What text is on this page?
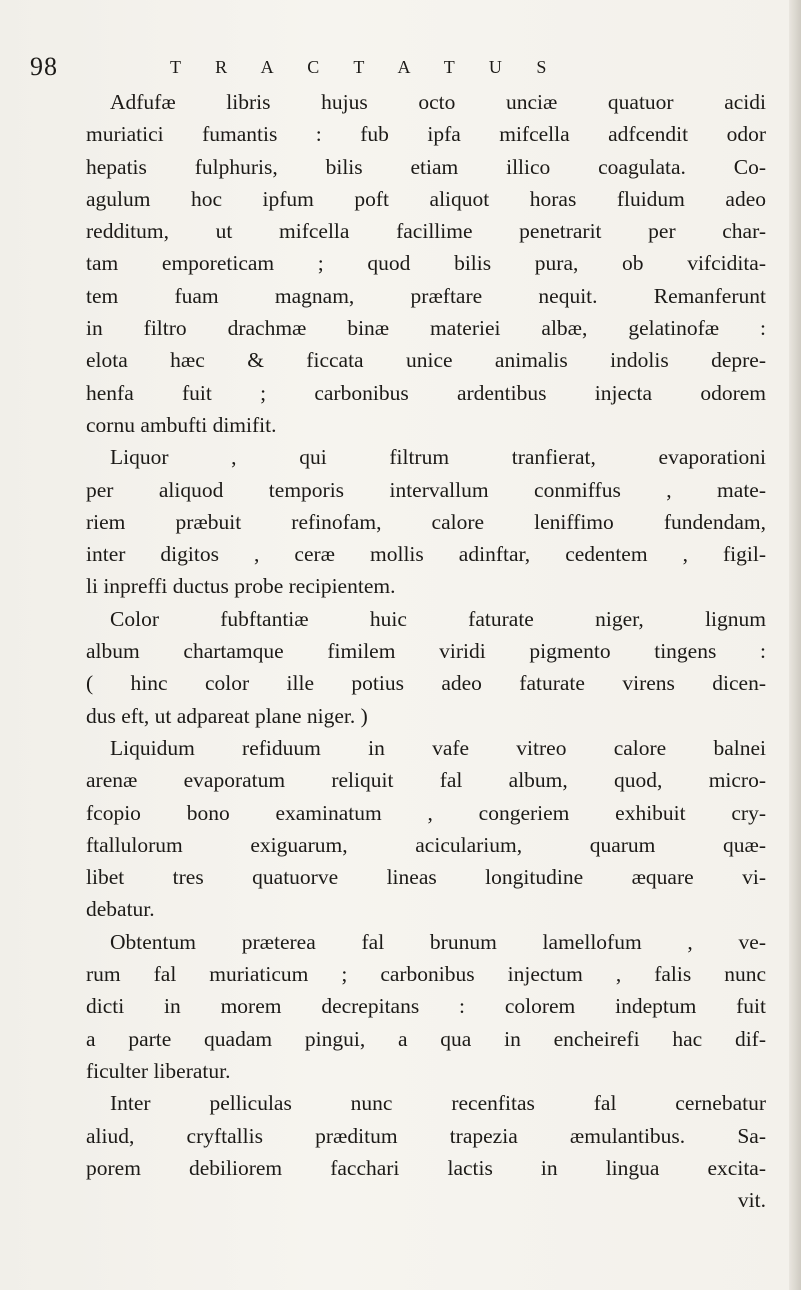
98	T R A C T A T U S
Adfufæ libris hujus octo unciæ quatuor acidi
muriatici fumantis : fub ipfa mifcella adfcendit odor
hepatis fulphuris, bilis etiam illico coagulata. Co-
agulum hoc ipfum poft aliquot horas fluidum adeo
redditum, ut mifcella facillime penetrarit per char-
tam emporeticam ; quod bilis pura, ob vifcidita-
tem fuam magnam, præftare nequit. Remanferunt
in filtro drachmæ binæ materiei albæ, gelatinofæ :
elota hæc & ficcata unice animalis indolis depre-
henfa fuit ; carbonibus ardentibus injecta odorem
cornu ambufti dimifit.
Liquor , qui filtrum tranfierat, evaporationi
per aliquod temporis intervallum conmiffus , mate-
riem præbuit refinofam, calore leniffimo fundendam,
inter digitos , ceræ mollis adinftar, cedentem , figil-
li inpreffi ductus probe recipientem.
Color fubftantiæ huic faturate niger, lignum
album chartamque fimilem viridi pigmento tingens :
( hinc color ille potius adeo faturate virens dicen-
dus eft, ut adpareat plane niger. )
Liquidum refiduum in vafe vitreo calore balnei
arenæ evaporatum reliquit fal album, quod, micro-
fcopio bono examinatum , congeriem exhibuit cry-
ftallulorum exiguarum, acicularium, quarum quæ-
libet tres quatuorve lineas longitudine æquare vi-
debatur.
Obtentum præterea fal brunum lamellofum , ve-
rum fal muriaticum ; carbonibus injectum , falis nunc
dicti in morem decrepitans : colorem indeptum fuit
a parte quadam pingui, a qua in encheirefi hac dif-
ficulter liberatur.
Inter pelliculas nunc recenfitas fal cernebatur
aliud, cryftallis præditum trapezia æmulantibus. Sa-
porem debiliorem facchari lactis in lingua excita-
vit.
